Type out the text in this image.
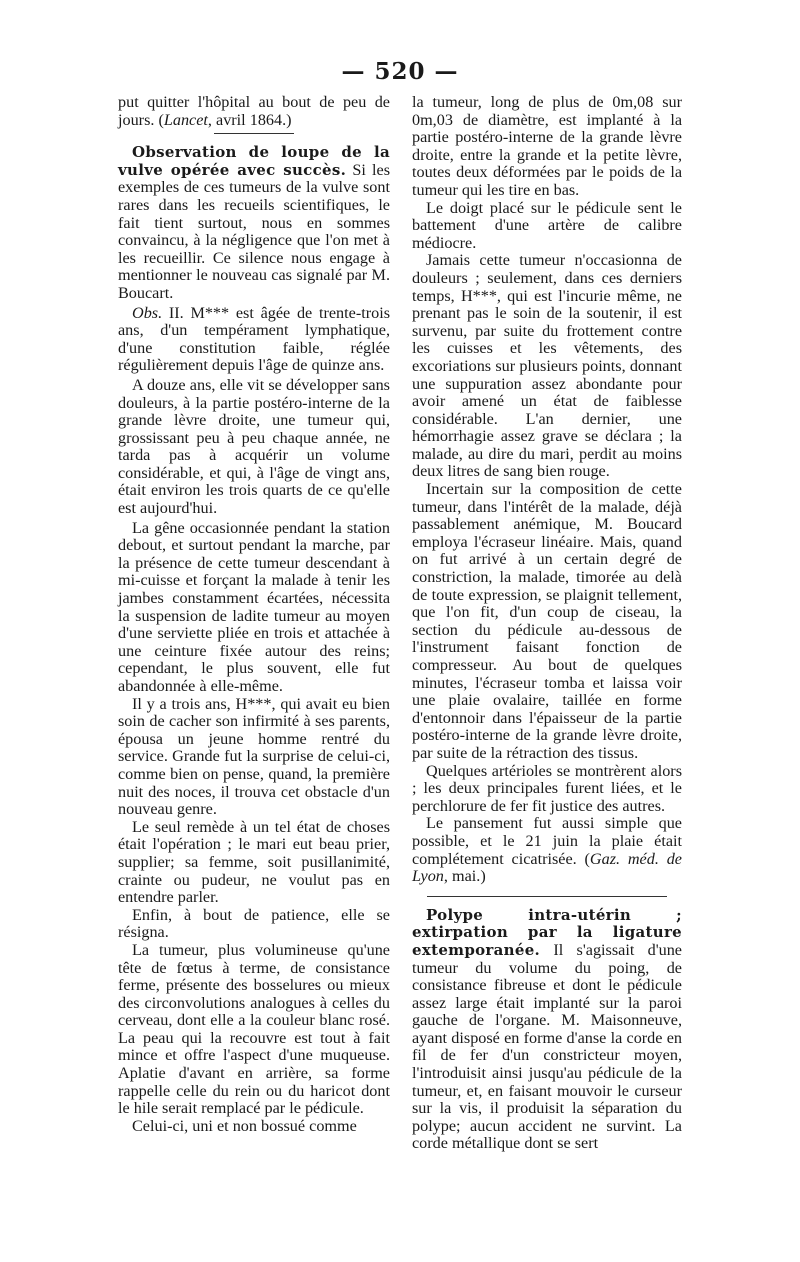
— 520 —

put quitter l'hôpital au bout de peu de jours. (Lancet, avril 1864.)

Observation de loupe de la vulve opérée avec succès. Si les exemples de ces tumeurs de la vulve sont rares dans les recueils scientifiques, le fait tient surtout, nous en sommes convaincu, à la négligence que l'on met à les recueillir. Ce silence nous engage à mentionner le nouveau cas signalé par M. Boucart.

Obs. II. M*** est âgée de trente-trois ans, d'un tempérament lymphatique, d'une constitution faible, réglée régulièrement depuis l'âge de quinze ans.

A douze ans, elle vit se développer sans douleurs, à la partie postéro-interne de la grande lèvre droite, une tumeur qui, grossissant peu à peu chaque année, ne tarda pas à acquérir un volume considérable, et qui, à l'âge de vingt ans, était environ les trois quarts de ce qu'elle est aujourd'hui.

La gêne occasionnée pendant la station debout, et surtout pendant la marche, par la présence de cette tumeur descendant à mi-cuisse et forçant la malade à tenir les jambes constamment écartées, nécessita la suspension de ladite tumeur au moyen d'une serviette pliée en trois et attachée à une ceinture fixée autour des reins; cependant, le plus souvent, elle fut abandonnée à elle-même.

Il y a trois ans, H***, qui avait eu bien soin de cacher son infirmité à ses parents, épousa un jeune homme rentré du service. Grande fut la surprise de celui-ci, comme bien on pense, quand, la première nuit des noces, il trouva cet obstacle d'un nouveau genre.

Le seul remède à un tel état de choses était l'opération ; le mari eut beau prier, supplier; sa femme, soit pusillanimité, crainte ou pudeur, ne voulut pas en entendre parler.

Enfin, à bout de patience, elle se résigna.

La tumeur, plus volumineuse qu'une tête de fœtus à terme, de consistance ferme, présente des bosselures ou mieux des circonvolutions analogues à celles du cerveau, dont elle a la couleur blanc rosé. La peau qui la recouvre est tout à fait mince et offre l'aspect d'une muqueuse. Aplatie d'avant en arrière, sa forme rappelle celle du rein ou du haricot dont le hile serait remplacé par le pédicule.

Celui-ci, uni et non bossué comme

la tumeur, long de plus de 0m,08 sur 0m,03 de diamètre, est implanté à la partie postéro-interne de la grande lèvre droite, entre la grande et la petite lèvre, toutes deux déformées par le poids de la tumeur qui les tire en bas.

Le doigt placé sur le pédicule sent le battement d'une artère de calibre médiocre.

Jamais cette tumeur n'occasionna de douleurs ; seulement, dans ces derniers temps, H***, qui est l'incurie même, ne prenant pas le soin de la soutenir, il est survenu, par suite du frottement contre les cuisses et les vêtements, des excoriations sur plusieurs points, donnant une suppuration assez abondante pour avoir amené un état de faiblesse considérable. L'an dernier, une hémorrhagie assez grave se déclara ; la malade, au dire du mari, perdit au moins deux litres de sang bien rouge.

Incertain sur la composition de cette tumeur, dans l'intérêt de la malade, déjà passablement anémique, M. Boucard employa l'écraseur linéaire. Mais, quand on fut arrivé à un certain degré de constriction, la malade, timorée au delà de toute expression, se plaignit tellement, que l'on fit, d'un coup de ciseau, la section du pédicule au-dessous de l'instrument faisant fonction de compresseur. Au bout de quelques minutes, l'écraseur tomba et laissa voir une plaie ovalaire, taillée en forme d'entonnoir dans l'épaisseur de la partie postéro-interne de la grande lèvre droite, par suite de la rétraction des tissus.

Quelques artérioles se montrèrent alors ; les deux principales furent liées, et le perchlorure de fer fit justice des autres.

Le pansement fut aussi simple que possible, et le 21 juin la plaie était complétement cicatrisée. (Gaz. méd. de Lyon, mai.)

Polype intra-utérin ; extirpation par la ligature extemporanée. Il s'agissait d'une tumeur du volume du poing, de consistance fibreuse et dont le pédicule assez large était implanté sur la paroi gauche de l'organe. M. Maisonneuve, ayant disposé en forme d'anse la corde en fil de fer d'un constricteur moyen, l'introduisit ainsi jusqu'au pédicule de la tumeur, et, en faisant mouvoir le curseur sur la vis, il produisit la séparation du polype; aucun accident ne survint. La corde métallique dont se sert
